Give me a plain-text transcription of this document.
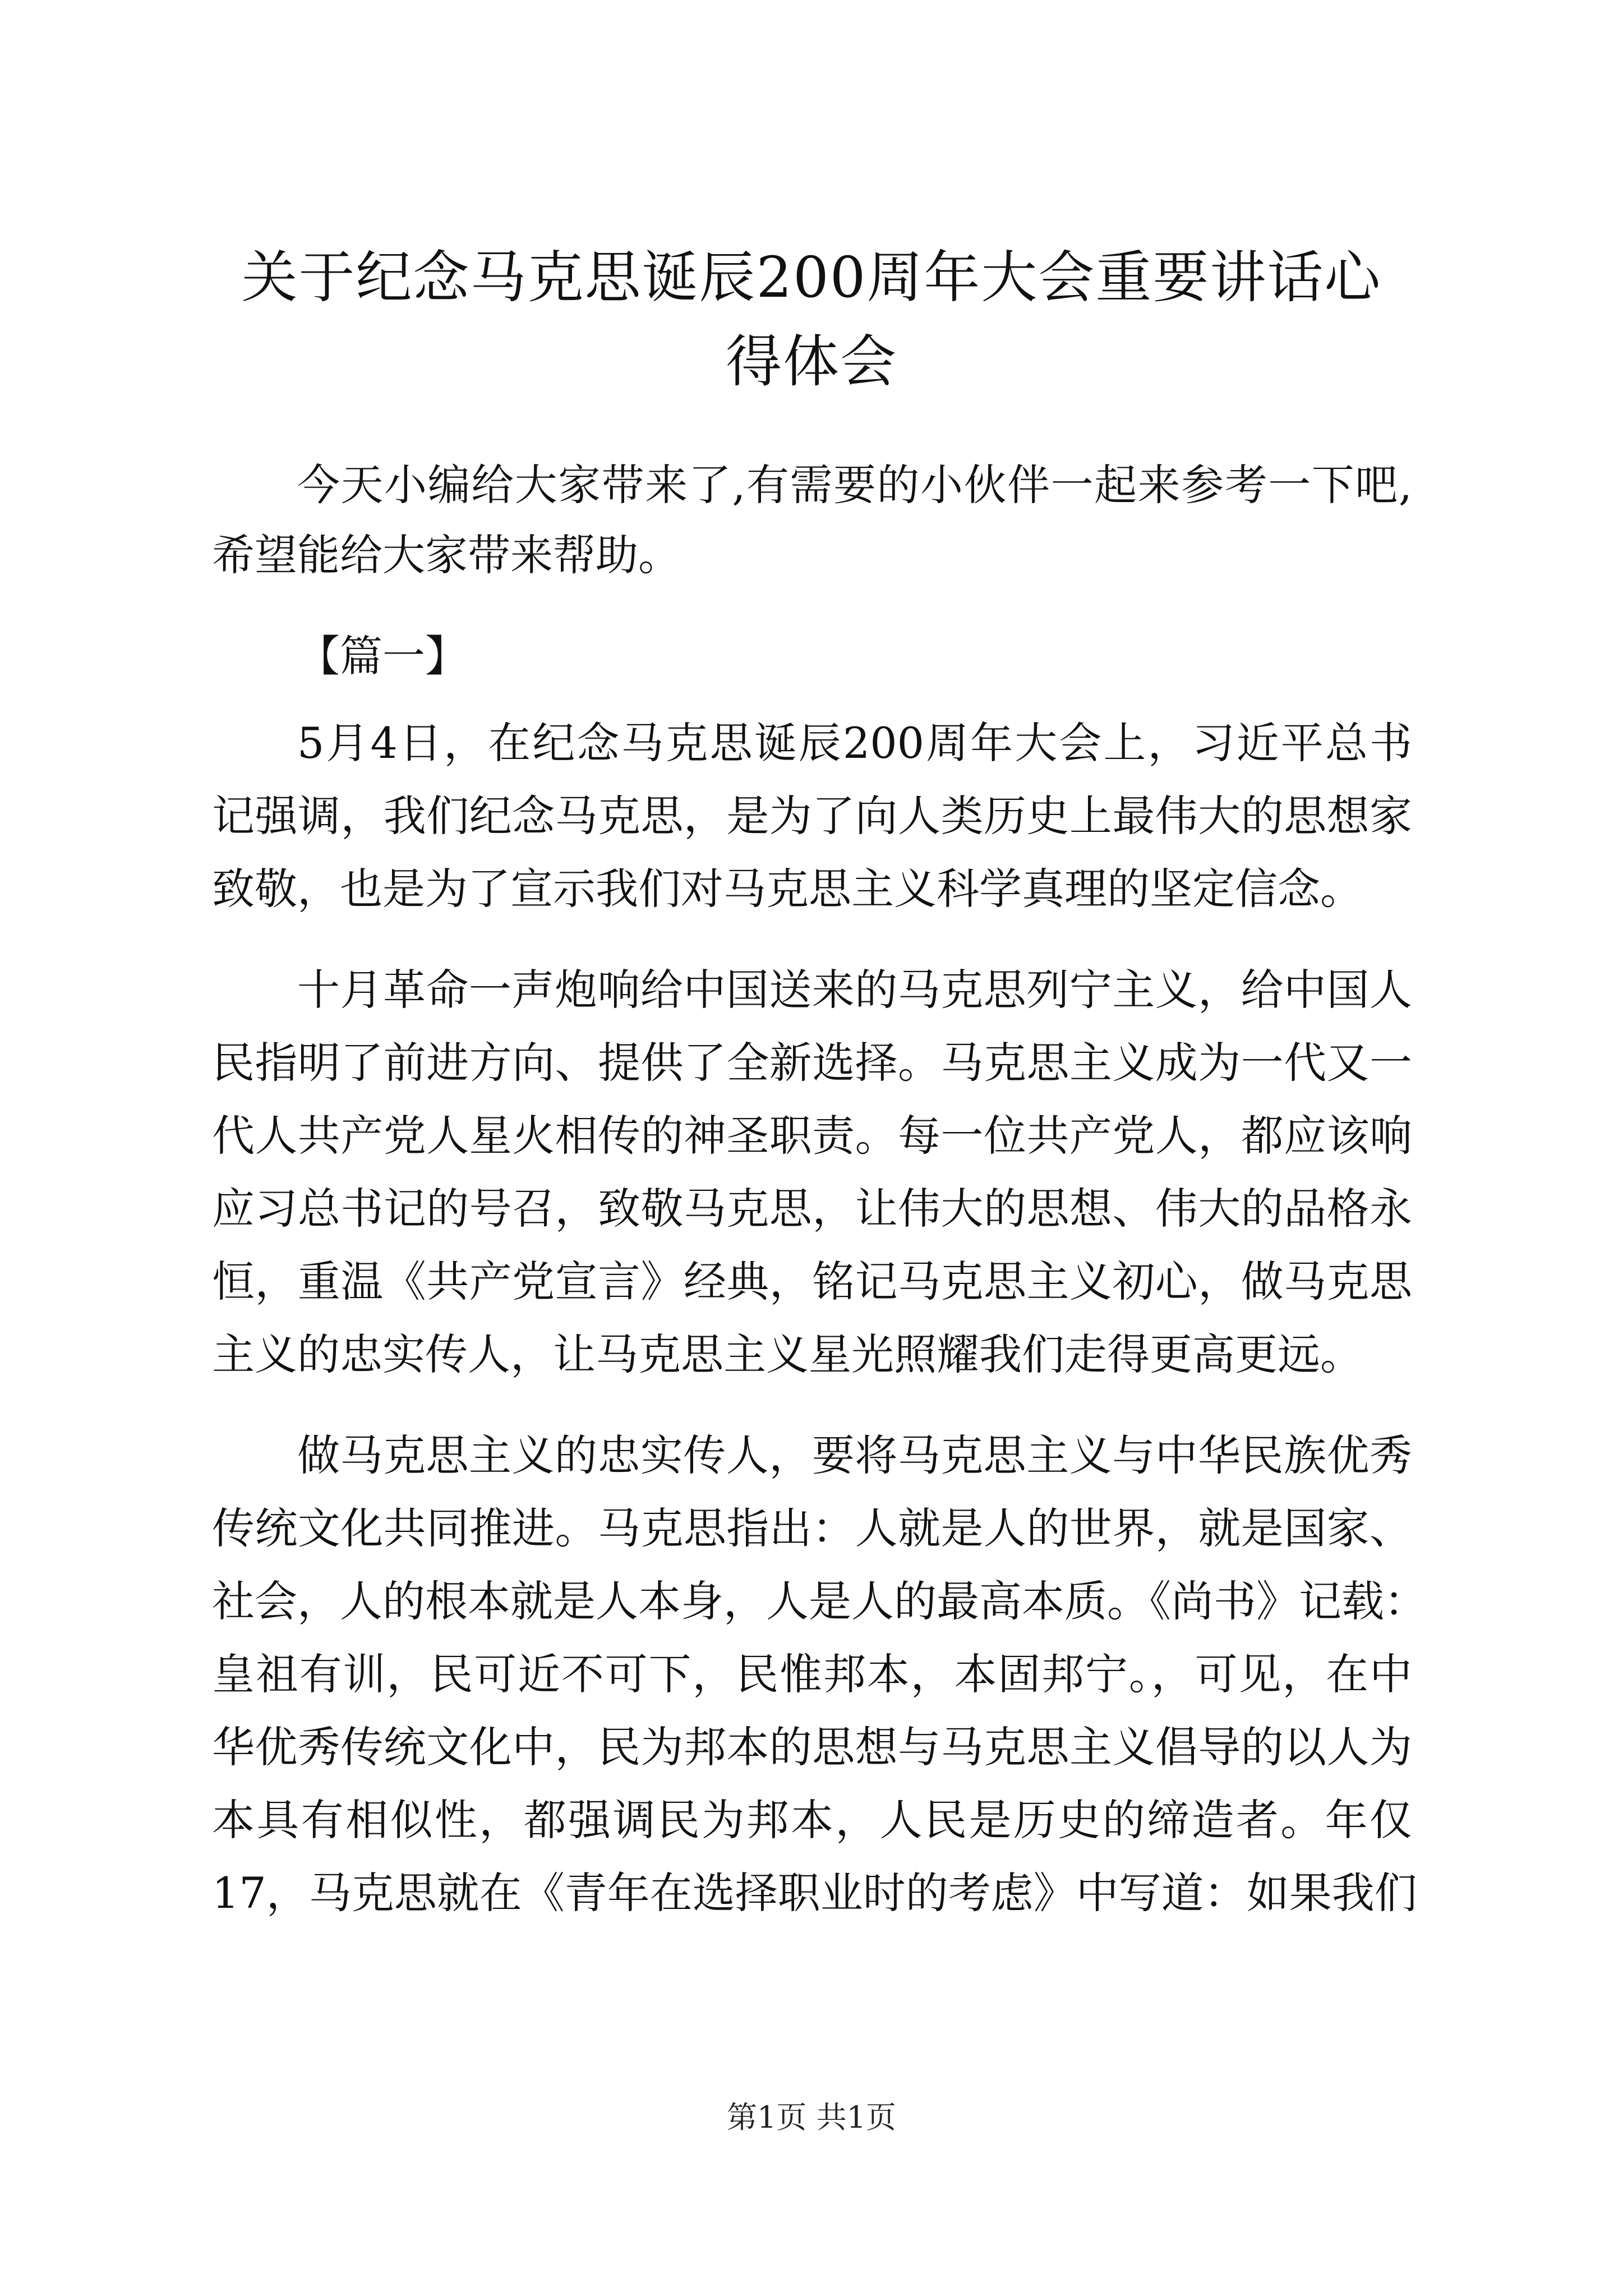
关于纪念马克思诞辰200周年大会重要讲话心
得体会

今天小编给大家带来了,有需要的小伙伴一起来参考一下吧,

希望能给大家带来帮助。

【篇一】

5月4日，在纪念马克思诞辰200周年大会上，习近平总书

记强调，我们纪念马克思，是为了向人类历史上最伟大的思想家

致敬，也是为了宣示我们对马克思主义科学真理的坚定信念。

十月革命一声炮响给中国送来的马克思列宁主义，给中国人

民指明了前进方向、提供了全新选择。马克思主义成为一代又一

代人共产党人星火相传的神圣职责。每一位共产党人，都应该响

应习总书记的号召，致敬马克思，让伟大的思想、伟大的品格永

恒，重温《共产党宣言》经典，铭记马克思主义初心，做马克思

主义的忠实传人，让马克思主义星光照耀我们走得更高更远。

做马克思主义的忠实传人，要将马克思主义与中华民族优秀

传统文化共同推进。马克思指出：人就是人的世界，就是国家、

社会，人的根本就是人本身，人是人的最高本质。《尚书》记载：

皇祖有训，民可近不可下，民惟邦本，本固邦宁。，可见，在中

华优秀传统文化中，民为邦本的思想与马克思主义倡导的以人为

本具有相似性，都强调民为邦本，人民是历史的缔造者。年仅

17，马克思就在《青年在选择职业时的考虑》中写道：如果我们

第1页 共1页
